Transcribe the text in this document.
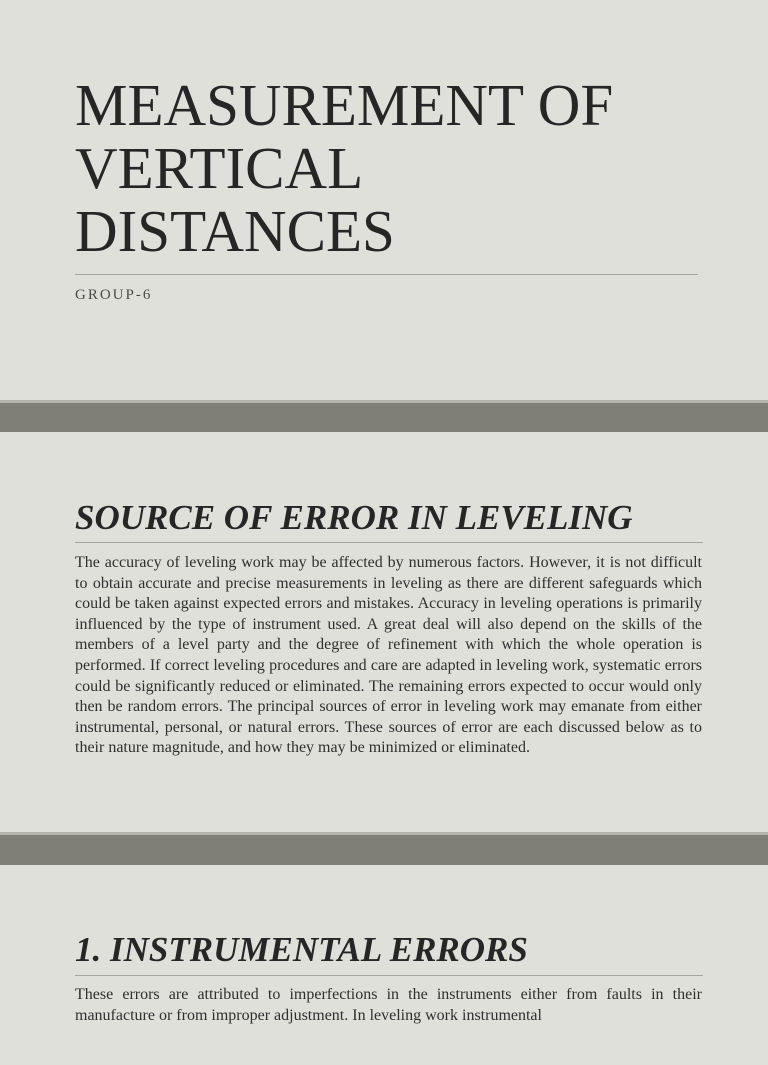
MEASUREMENT OF
VERTICAL
DISTANCES
GROUP-6
SOURCE OF ERROR IN LEVELING

The accuracy of leveling work may be affected by numerous factors. However, it is not difficult to obtain accurate and precise measurements in leveling as there are different safeguards which could be taken against expected errors and mistakes. Accuracy in leveling operations is primarily influenced by the type of instrument used. A great deal will also depend on the skills of the members of a level party and the degree of refinement with which the whole operation is performed. If correct leveling procedures and care are adapted in leveling work, systematic errors could be significantly reduced or eliminated. The remaining errors expected to occur would only then be random errors. The principal sources of error in leveling work may emanate from either instrumental, personal, or natural errors. These sources of error are each discussed below as to their nature magnitude, and how they may be minimized or eliminated.

1. INSTRUMENTAL ERRORS

These errors are attributed to imperfections in the instruments either from faults in their manufacture or from improper adjustment. In leveling work instrumental
